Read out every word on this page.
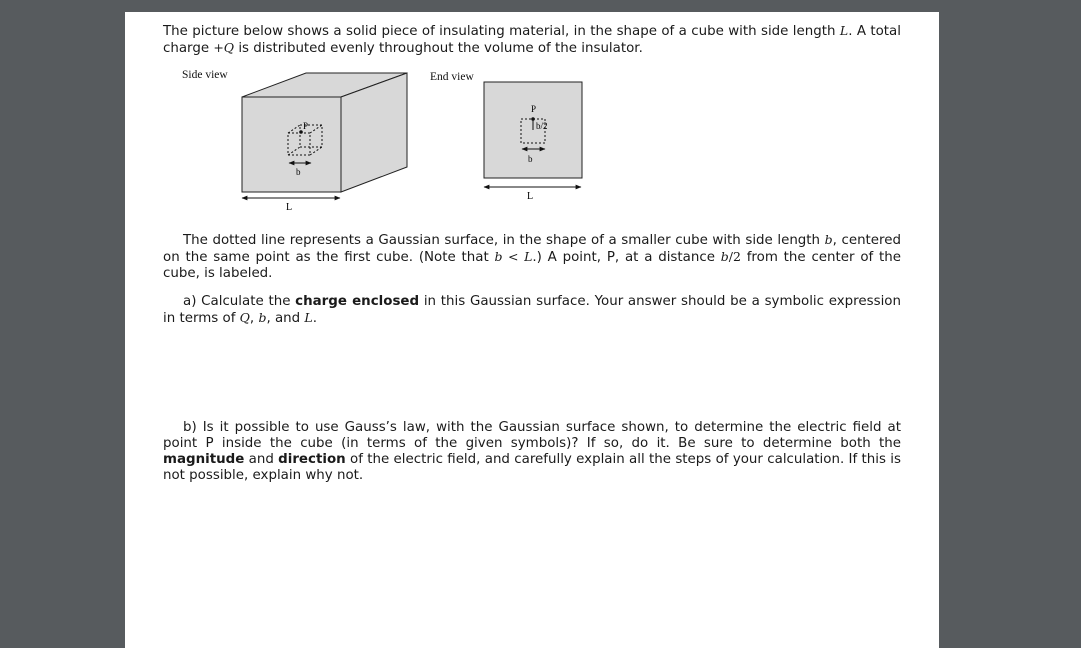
The picture below shows a solid piece of insulating material, in the shape of a cube with side length L. A total charge +Q is distributed evenly throughout the volume of the insulator.
Side view	End view
P
b
L
P
b/2
b
L
The dotted line represents a Gaussian surface, in the shape of a smaller cube with side length b, centered on the same point as the first cube. (Note that b < L.) A point, P, at a distance b/2 from the center of the cube, is labeled.
a) Calculate the charge enclosed in this Gaussian surface. Your answer should be a symbolic expression in terms of Q, b, and L.
b) Is it possible to use Gauss’s law, with the Gaussian surface shown, to determine the electric field at point P inside the cube (in terms of the given symbols)? If so, do it. Be sure to determine both the magnitude and direction of the electric field, and carefully explain all the steps of your calculation. If this is not possible, explain why not.
